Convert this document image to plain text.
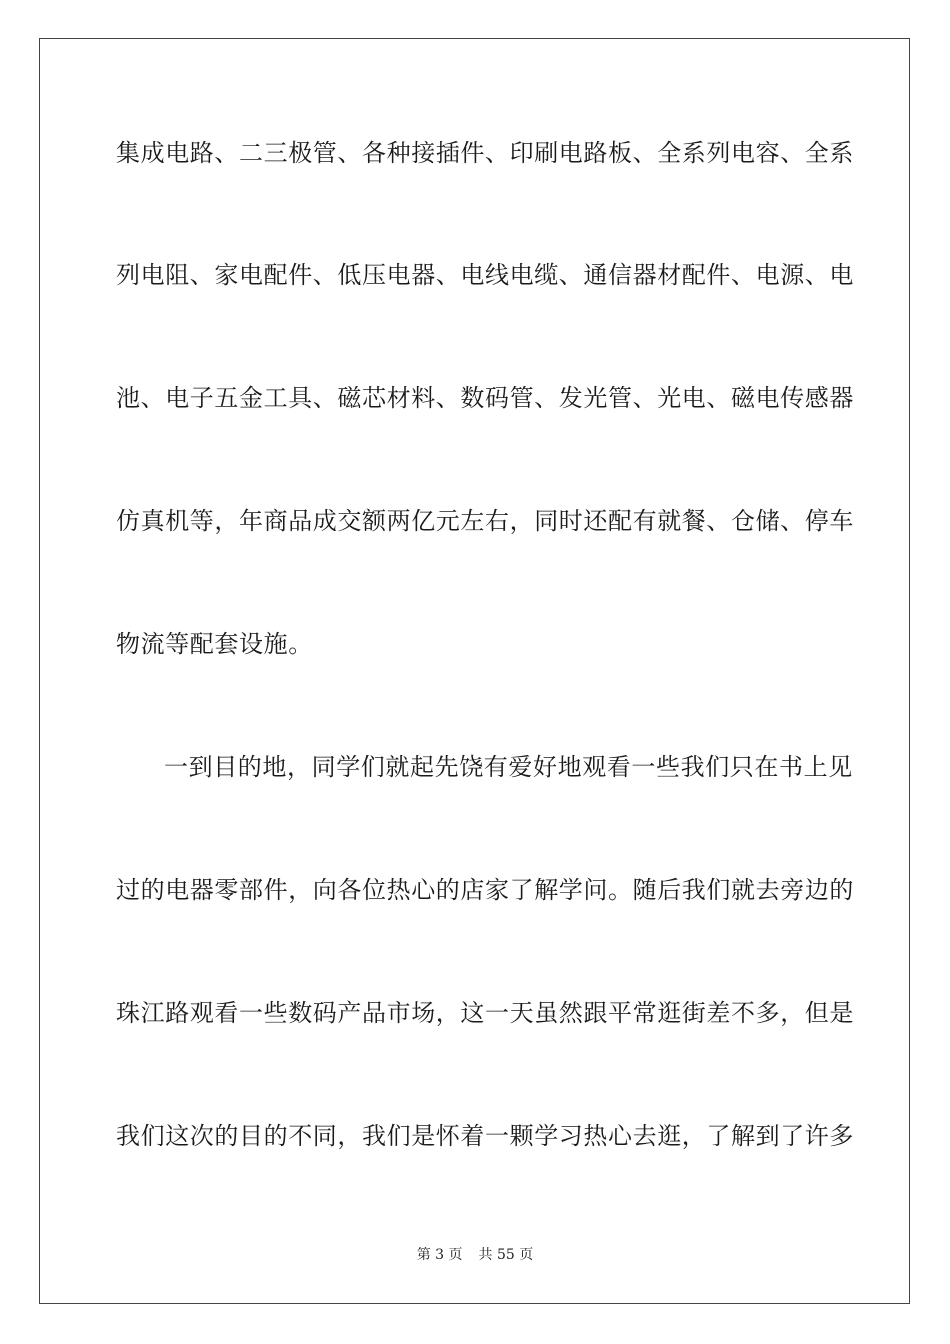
集成电路、二三极管、各种接插件、印刷电路板、全系列电容、全系
列电阻、家电配件、低压电器、电线电缆、通信器材配件、电源、电
池、电子五金工具、磁芯材料、数码管、发光管、光电、磁电传感器
仿真机等，年商品成交额两亿元左右，同时还配有就餐、仓储、停车
物流等配套设施。
一到目的地，同学们就起先饶有爱好地观看一些我们只在书上见
过的电器零部件，向各位热心的店家了解学问。随后我们就去旁边的
珠江路观看一些数码产品市场，这一天虽然跟平常逛街差不多，但是
我们这次的目的不同，我们是怀着一颗学习热心去逛，了解到了许多
第 3 页 共 55 页
